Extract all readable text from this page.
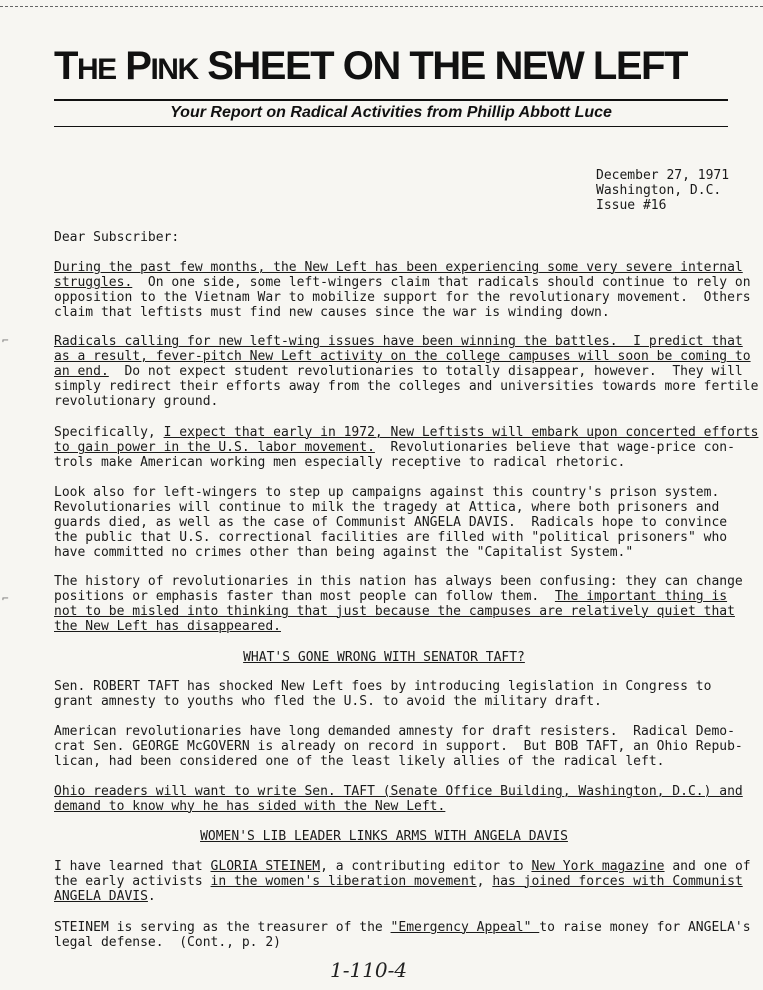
THE PINK SHEET ON THE NEW LEFT
Your Report on Radical Activities from Phillip Abbott Luce
December 27, 1971
Washington, D.C.
Issue #16
Dear Subscriber:
During the past few months, the New Left has been experiencing some very severe internal
struggles.  On one side, some left-wingers claim that radicals should continue to rely on
opposition to the Vietnam War to mobilize support for the revolutionary movement.  Others
claim that leftists must find new causes since the war is winding down.
Radicals calling for new left-wing issues have been winning the battles.  I predict that
as a result, fever-pitch New Left activity on the college campuses will soon be coming to
an end.  Do not expect student revolutionaries to totally disappear, however.  They will
simply redirect their efforts away from the colleges and universities towards more fertile
revolutionary ground.
Specifically, I expect that early in 1972, New Leftists will embark upon concerted efforts
to gain power in the U.S. labor movement.  Revolutionaries believe that wage-price con-
trols make American working men especially receptive to radical rhetoric.
Look also for left-wingers to step up campaigns against this country's prison system.
Revolutionaries will continue to milk the tragedy at Attica, where both prisoners and
guards died, as well as the case of Communist ANGELA DAVIS.  Radicals hope to convince
the public that U.S. correctional facilities are filled with "political prisoners" who
have committed no crimes other than being against the "Capitalist System."
The history of revolutionaries in this nation has always been confusing: they can change
positions or emphasis faster than most people can follow them.  The important thing is
not to be misled into thinking that just because the campuses are relatively quiet that
the New Left has disappeared.
WHAT'S GONE WRONG WITH SENATOR TAFT?
Sen. ROBERT TAFT has shocked New Left foes by introducing legislation in Congress to
grant amnesty to youths who fled the U.S. to avoid the military draft.
American revolutionaries have long demanded amnesty for draft resisters.  Radical Demo-
crat Sen. GEORGE McGOVERN is already on record in support.  But BOB TAFT, an Ohio Repub-
lican, had been considered one of the least likely allies of the radical left.
Ohio readers will want to write Sen. TAFT (Senate Office Building, Washington, D.C.) and
demand to know why he has sided with the New Left.
WOMEN'S LIB LEADER LINKS ARMS WITH ANGELA DAVIS
I have learned that GLORIA STEINEM, a contributing editor to New York magazine and one of
the early activists in the women's liberation movement, has joined forces with Communist
ANGELA DAVIS.
STEINEM is serving as the treasurer of the "Emergency Appeal" to raise money for ANGELA's
legal defense.  (Cont., p. 2)
1-110-4
⌐
⌐
